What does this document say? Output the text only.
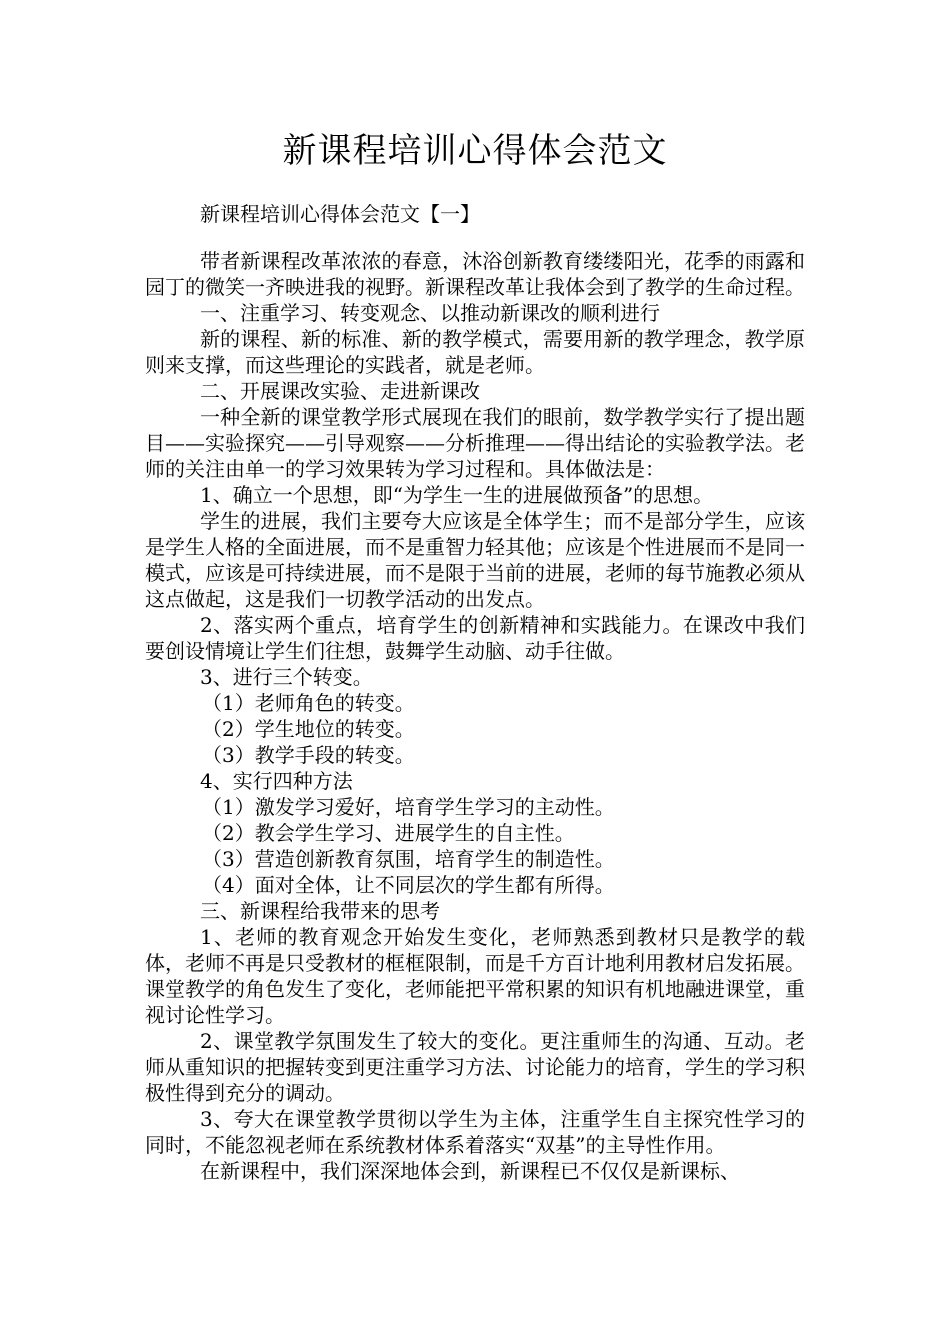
新课程培训心得体会范文
新课程培训心得体会范文【一】

带者新课程改革浓浓的春意，沐浴创新教育缕缕阳光，花季的雨露和园丁的微笑一齐映进我的视野。新课程改革让我体会到了教学的生命过程。

一、注重学习、转变观念、以推动新课改的顺利进行

新的课程、新的标准、新的教学模式，需要用新的教学理念，教学原则来支撑，而这些理论的实践者，就是老师。

二、开展课改实验、走进新课改

一种全新的课堂教学形式展现在我们的眼前，数学教学实行了提出题目——实验探究——引导观察——分析推理——得出结论的实验教学法。老师的关注由单一的学习效果转为学习过程和。具体做法是：

1、确立一个思想，即“为学生一生的进展做预备”的思想。

学生的进展，我们主要夸大应该是全体学生；而不是部分学生，应该是学生人格的全面进展，而不是重智力轻其他；应该是个性进展而不是同一模式，应该是可持续进展，而不是限于当前的进展，老师的每节施教必须从这点做起，这是我们一切教学活动的出发点。

2、落实两个重点，培育学生的创新精神和实践能力。在课改中我们要创设情境让学生们往想，鼓舞学生动脑、动手往做。

3、进行三个转变。

（1）老师角色的转变。

（2）学生地位的转变。

（3）教学手段的转变。

4、实行四种方法

（1）激发学习爱好，培育学生学习的主动性。

（2）教会学生学习、进展学生的自主性。

（3）营造创新教育氛围，培育学生的制造性。

（4）面对全体，让不同层次的学生都有所得。

三、新课程给我带来的思考

1、老师的教育观念开始发生变化，老师熟悉到教材只是教学的载体，老师不再是只受教材的框框限制，而是千方百计地利用教材启发拓展。课堂教学的角色发生了变化，老师能把平常积累的知识有机地融进课堂，重视讨论性学习。

2、课堂教学氛围发生了较大的变化。更注重师生的沟通、互动。老师从重知识的把握转变到更注重学习方法、讨论能力的培育，学生的学习积极性得到充分的调动。

3、夸大在课堂教学贯彻以学生为主体，注重学生自主探究性学习的同时，不能忽视老师在系统教材体系着落实“双基”的主导性作用。

在新课程中，我们深深地体会到，新课程已不仅仅是新课标、
